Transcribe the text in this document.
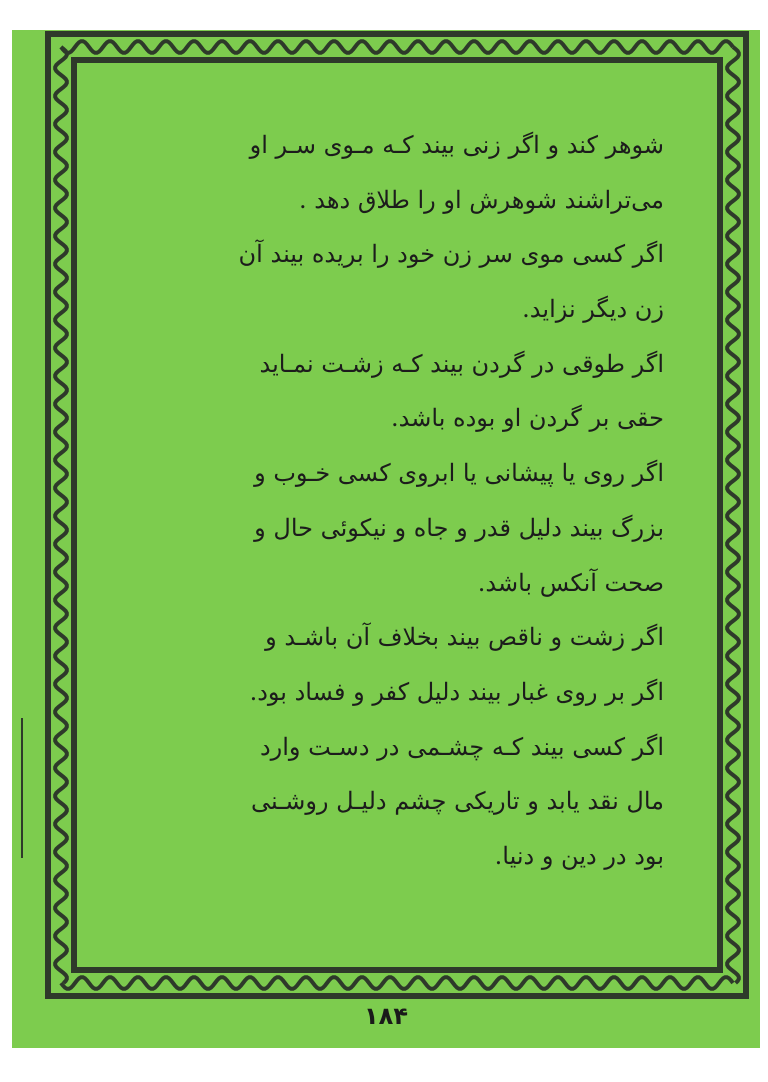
شوهر کند و اگر زنی بیند کـه مـوی سـر او
می‌تراشند شوهرش او را طلاق دهد .
اگر کسی موی سر زن خود را بریده بیند آن
زن دیگر نزاید.
اگر طوقی در گردن بیند کـه زشـت نمـاید
حقی بر گردن او بوده باشد.
اگر روی یا پیشانی یا ابروی کسی خـوب و
بزرگ بیند دلیل قدر و جاه و نیکوئی حال و
صحت آنکس باشد.
اگر زشت و ناقص بیند بخلاف آن باشـد و
اگر بر روی غبار بیند دلیل کفر و فساد بود.
اگر کسی بیند کـه چشـمی در دسـت وارد
مال نقد یابد و تاریکی چشم دلیـل روشـنی
بود در دین و دنیا.
۱۸۴
